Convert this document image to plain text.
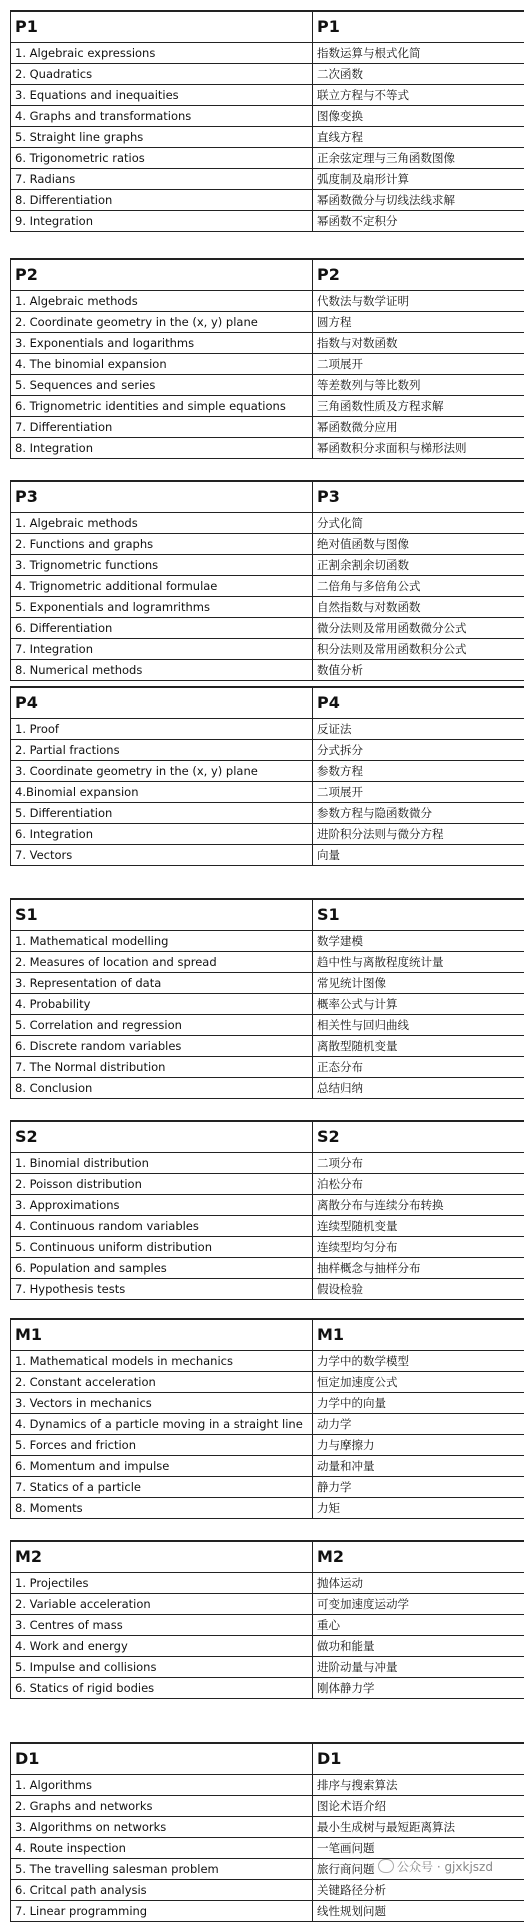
P1	P1
1. Algebraic expressions	指数运算与根式化简
2. Quadratics	二次函数
3. Equations and inequaities	联立方程与不等式
4. Graphs and transformations	图像变换
5. Straight line graphs	直线方程
6. Trigonometric ratios	正余弦定理与三角函数图像
7. Radians	弧度制及扇形计算
8. Differentiation	幂函数微分与切线法线求解
9. Integration	幂函数不定积分
P2	P2
1. Algebraic methods	代数法与数学证明
2. Coordinate geometry in the (x, y) plane	圆方程
3. Exponentials and logarithms	指数与对数函数
4. The binomial expansion	二项展开
5. Sequences and series	等差数列与等比数列
6. Trignometric identities and simple equations	三角函数性质及方程求解
7. Differentiation	幂函数微分应用
8. Integration	幂函数积分求面积与梯形法则
P3	P3
1. Algebraic methods	分式化简
2. Functions and graphs	绝对值函数与图像
3. Trignometric functions	正割余割余切函数
4. Trignometric additional formulae	二倍角与多倍角公式
5. Exponentials and logramrithms	自然指数与对数函数
6. Differentiation	微分法则及常用函数微分公式
7. Integration	积分法则及常用函数积分公式
8. Numerical methods	数值分析
P4	P4
1. Proof	反证法
2. Partial fractions	分式拆分
3. Coordinate geometry in the (x, y) plane	参数方程
4.Binomial expansion	二项展开
5. Differentiation	参数方程与隐函数微分
6. Integration	进阶积分法则与微分方程
7. Vectors	向量
S1	S1
1. Mathematical modelling	数学建模
2. Measures of location and spread	趋中性与离散程度统计量
3. Representation of data	常见统计图像
4. Probability	概率公式与计算
5. Correlation and regression	相关性与回归曲线
6. Discrete random variables	离散型随机变量
7. The Normal distribution	正态分布
8. Conclusion	总结归纳
S2	S2
1. Binomial distribution	二项分布
2. Poisson distribution	泊松分布
3. Approximations	离散分布与连续分布转换
4. Continuous random variables	连续型随机变量
5. Continuous uniform distribution	连续型均匀分布
6. Population and samples	抽样概念与抽样分布
7. Hypothesis tests	假设检验
M1	M1
1. Mathematical models in mechanics	力学中的数学模型
2. Constant acceleration	恒定加速度公式
3. Vectors in mechanics	力学中的向量
4. Dynamics of a particle moving in a straight line	动力学
5. Forces and friction	力与摩擦力
6. Momentum and impulse	动量和冲量
7. Statics of a particle	静力学
8. Moments	力矩
M2	M2
1. Projectiles	抛体运动
2. Variable acceleration	可变加速度运动学
3. Centres of mass	重心
4. Work and energy	做功和能量
5. Impulse and collisions	进阶动量与冲量
6. Statics of rigid bodies	刚体静力学
D1	D1
1. Algorithms	排序与搜索算法
2. Graphs and networks	图论术语介绍
3. Algorithms on networks	最小生成树与最短距离算法
4. Route inspection	一笔画问题
5. The travelling salesman problem	旅行商问题
6. Critcal path analysis	关键路径分析
7. Linear programming	线性规划问题
公众号 · gjxkjszd
